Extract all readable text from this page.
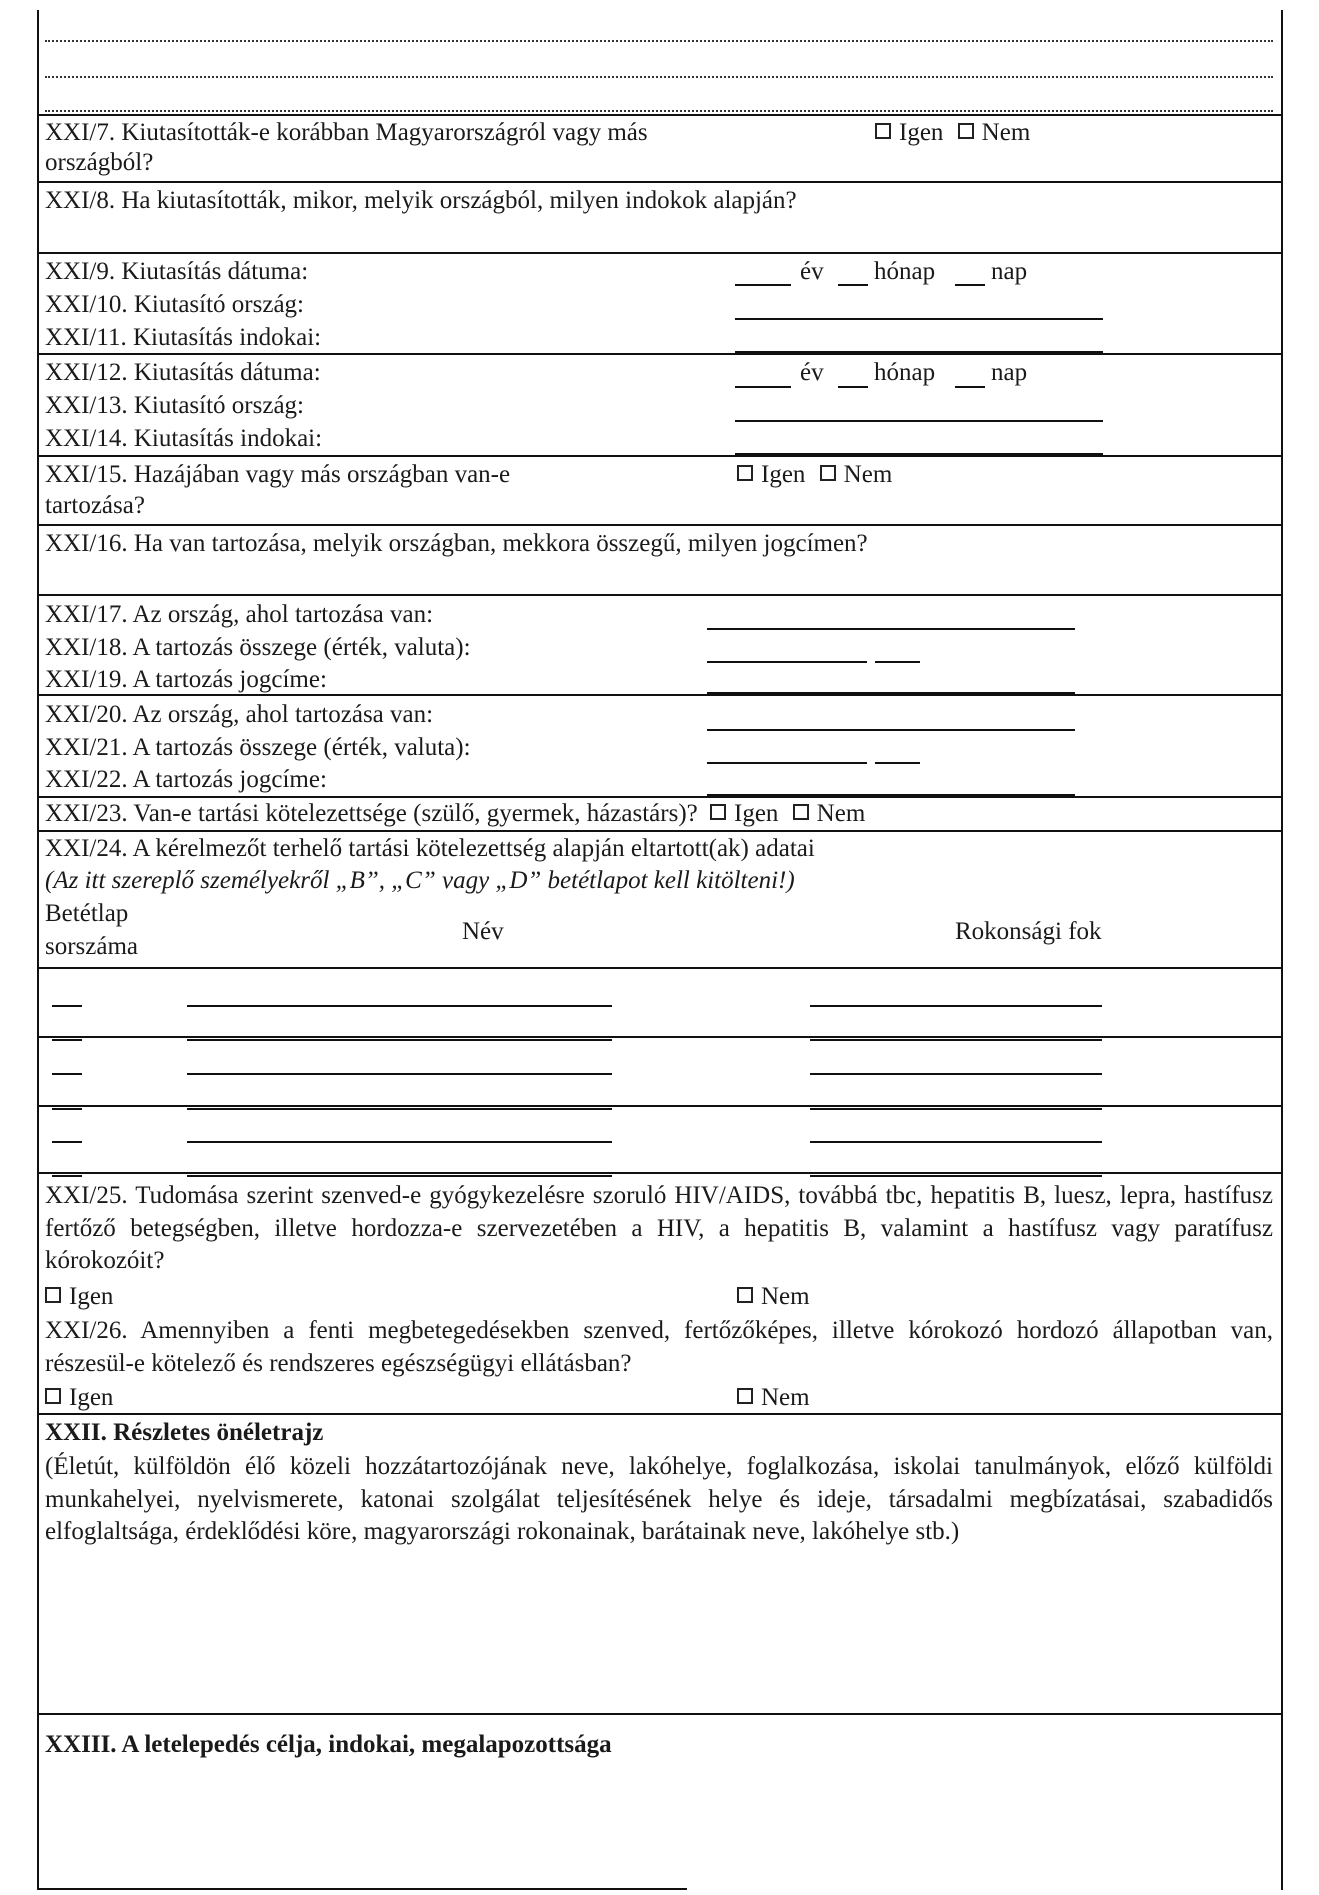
XXI/7. Kiutasították-e korábban Magyarországról vagy más
országból?
Igen Nem
XXI/8. Ha kiutasították, mikor, melyik országból, milyen indokok alapján?
XXI/9. Kiutasítás dátuma:	év hónap nap
XXI/10. Kiutasító ország:
XXI/11. Kiutasítás indokai:
XXI/12. Kiutasítás dátuma:	év hónap nap
XXI/13. Kiutasító ország:
XXI/14. Kiutasítás indokai:
XXI/15. Hazájában vagy más országban van-e
tartozása?
Igen Nem
XXI/16. Ha van tartozása, melyik országban, mekkora összegű, milyen jogcímen?
XXI/17. Az ország, ahol tartozása van:
XXI/18. A tartozás összege (érték, valuta):
XXI/19. A tartozás jogcíme:
XXI/20. Az ország, ahol tartozása van:
XXI/21. A tartozás összege (érték, valuta):
XXI/22. A tartozás jogcíme:
XXI/23. Van-e tartási kötelezettsége (szülő, gyermek, házastárs)? Igen Nem
XXI/24. A kérelmezőt terhelő tartási kötelezettség alapján eltartott(ak) adatai
(Az itt szereplő személyekről „B”, „C” vagy „D” betétlapot kell kitölteni!)
Betétlap
sorszáma
Név	Rokonsági fok
XXI/25. Tudomása szerint szenved-e gyógykezelésre szoruló HIV/AIDS, továbbá tbc, hepatitis B, luesz, lepra, hastífusz fertőző betegségben, illetve hordozza-e szervezetében a HIV, a hepatitis B, valamint a hastífusz vagy paratífusz kórokozóit?
Igen	Nem
XXI/26. Amennyiben a fenti megbetegedésekben szenved, fertőzőképes, illetve kórokozó hordozó állapotban van, részesül-e kötelező és rendszeres egészségügyi ellátásban?
Igen	Nem
XXII. Részletes önéletrajz
(Életút, külföldön élő közeli hozzátartozójának neve, lakóhelye, foglalkozása, iskolai tanulmányok, előző külföldi munkahelyei, nyelvismerete, katonai szolgálat teljesítésének helye és ideje, társadalmi megbízatásai, szabadidős elfoglaltsága, érdeklődési köre, magyarországi rokonainak, barátainak neve, lakóhelye stb.)
XXIII. A letelepedés célja, indokai, megalapozottsága
